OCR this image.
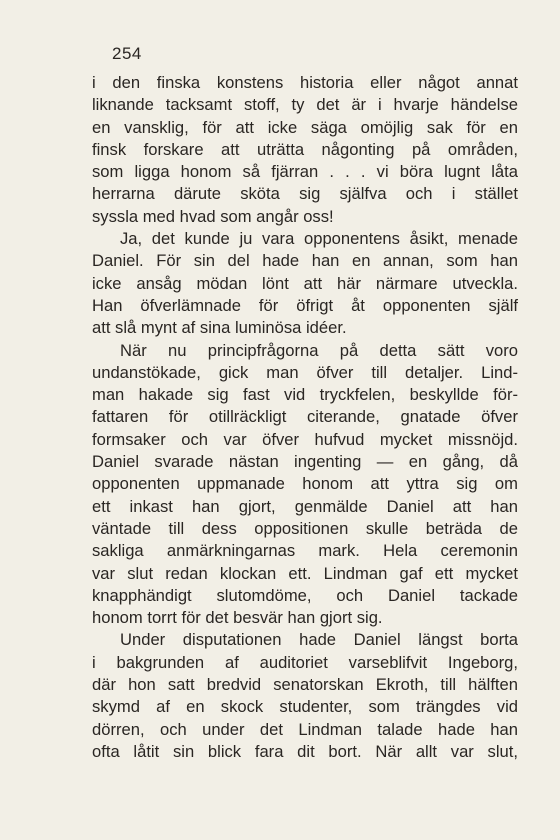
254
i den finska konstens historia eller något annat
liknande tacksamt stoff, ty det är i hvarje händelse
en vansklig, för att icke säga omöjlig sak för en
finsk forskare att uträtta någonting på områden,
som ligga honom så fjärran . . . vi böra lugnt låta
herrarna därute sköta sig själfva och i stället
syssla med hvad som angår oss!
Ja, det kunde ju vara opponentens åsikt, menade
Daniel. För sin del hade han en annan, som han
icke ansåg mödan lönt att här närmare utveckla.
Han öfverlämnade för öfrigt åt opponenten själf
att slå mynt af sina luminösa idéer.
När nu principfrågorna på detta sätt voro
undanstökade, gick man öfver till detaljer. Lind-
man hakade sig fast vid tryckfelen, beskyllde för-
fattaren för otillräckligt citerande, gnatade öfver
formsaker och var öfver hufvud mycket missnöjd.
Daniel svarade nästan ingenting — en gång, då
opponenten uppmanade honom att yttra sig om
ett inkast han gjort, genmälde Daniel att han
väntade till dess oppositionen skulle beträda de
sakliga anmärkningarnas mark. Hela ceremonin
var slut redan klockan ett. Lindman gaf ett mycket
knapphändigt slutomdöme, och Daniel tackade
honom torrt för det besvär han gjort sig.
Under disputationen hade Daniel längst borta
i bakgrunden af auditoriet varseblifvit Ingeborg,
där hon satt bredvid senatorskan Ekroth, till hälften
skymd af en skock studenter, som trängdes vid
dörren, och under det Lindman talade hade han
ofta låtit sin blick fara dit bort. När allt var slut,
